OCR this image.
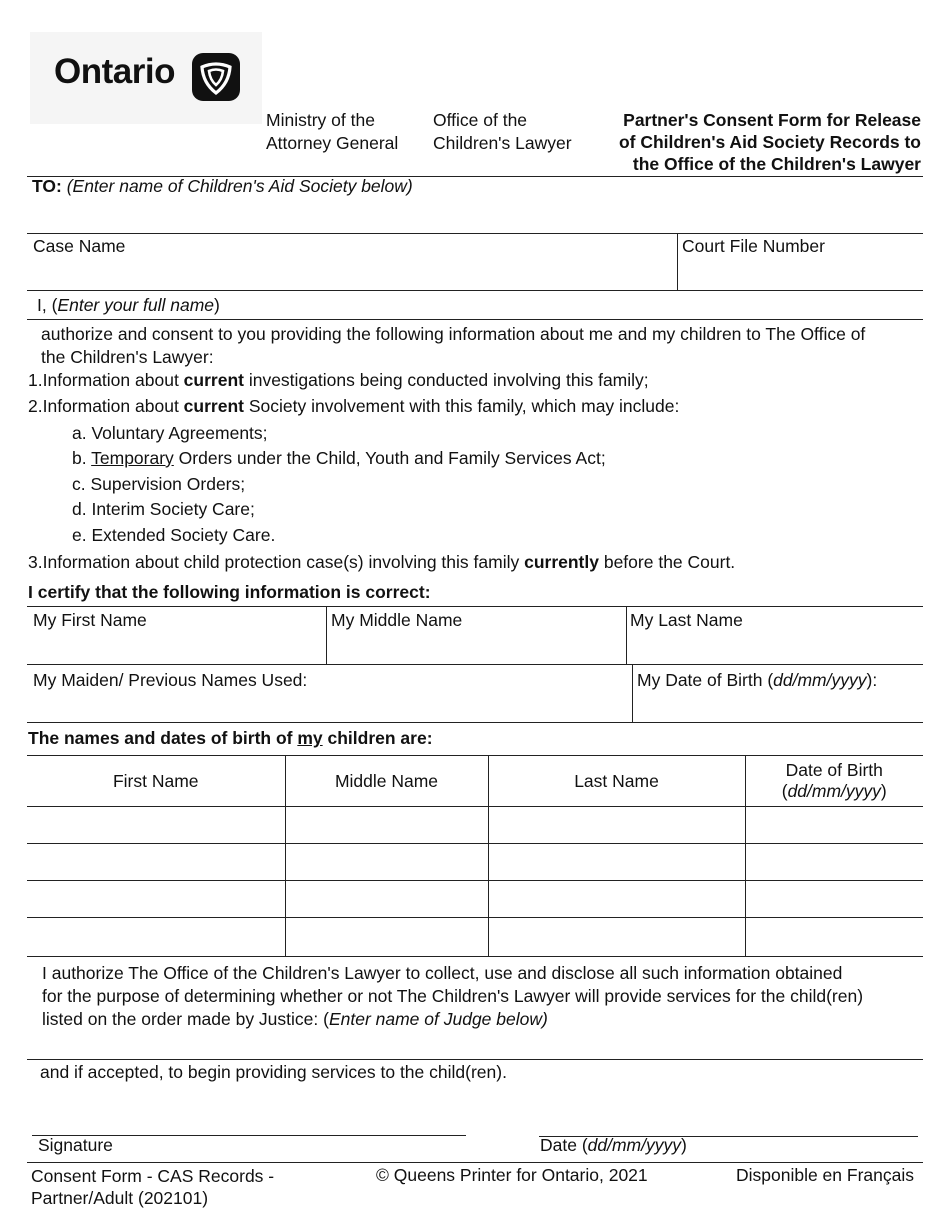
Ontario
Ministry of the
Attorney General
Office of the
Children's Lawyer
Partner's Consent Form for Release
of Children's Aid Society Records to
the Office of the Children's Lawyer
TO: (Enter name of Children's Aid Society below)
Case Name	Court File Number
I, (Enter your full name)
authorize and consent to you providing the following information about me and my children to The Office of
the Children's Lawyer:
1.Information about current investigations being conducted involving this family;
2.Information about current Society involvement with this family, which may include:
a. Voluntary Agreements;
b. Temporary Orders under the Child, Youth and Family Services Act;
c. Supervision Orders;
d. Interim Society Care;
e. Extended Society Care.
3.Information about child protection case(s) involving this family currently before the Court.
I certify that the following information is correct:
My First Name	My Middle Name	My Last Name
My Maiden/ Previous Names Used:	My Date of Birth (dd/mm/yyyy):
The names and dates of birth of my children are:
First Name	Middle Name	Last Name	Date of Birth
(dd/mm/yyyy)

I authorize The Office of the Children's Lawyer to collect, use and disclose all such information obtained
for the purpose of determining whether or not The Children's Lawyer will provide services for the child(ren)
listed on the order made by Justice: (Enter name of Judge below)
and if accepted, to begin providing services to the child(ren).
Signature	Date (dd/mm/yyyy)
Consent Form - CAS Records -
Partner/Adult (202101)
© Queens Printer for Ontario, 2021	Disponible en Français
